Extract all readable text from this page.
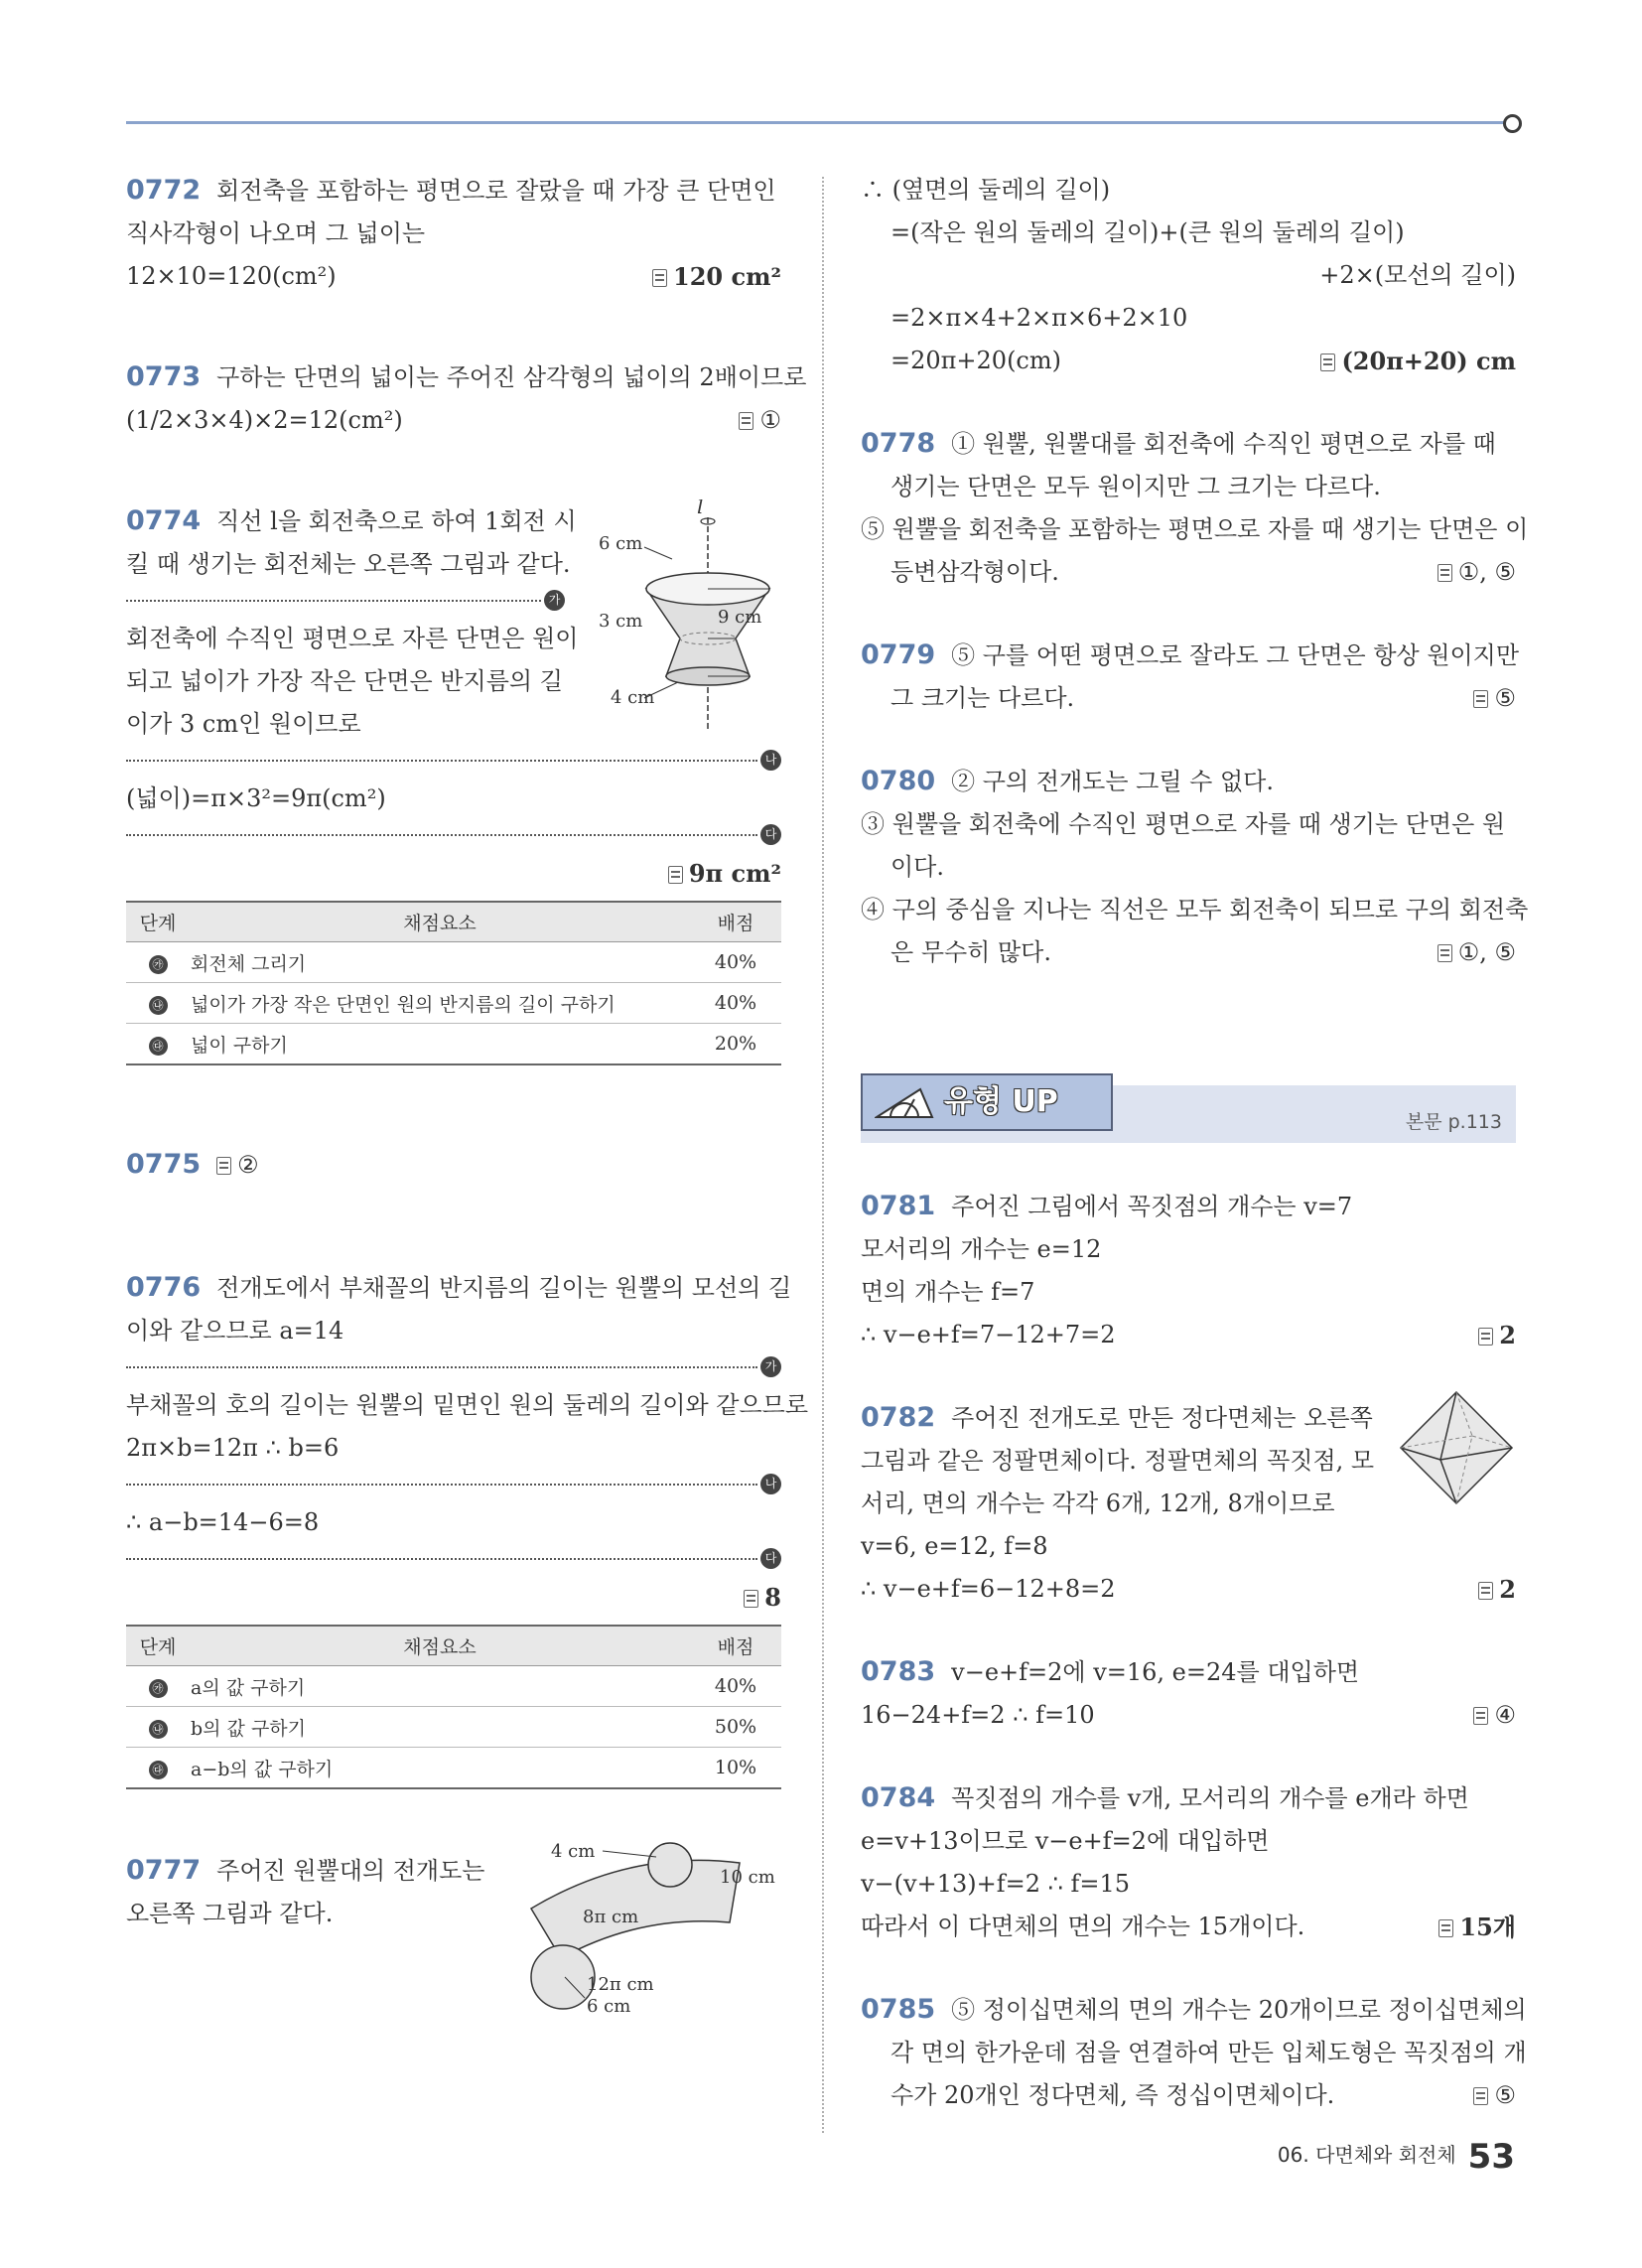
0772 회전축을 포함하는 평면으로 잘랐을 때 가장 큰 단면인
직사각형이 나오며 그 넓이는
12×10=120(cm²)	120 cm²
0773 구하는 단면의 넓이는 주어진 삼각형의 넓이의 2배이므로
(1/2×3×4)×2=12(cm²)	①
0774 직선 l을 회전축으로 하여 1회전 시
킬 때 생기는 회전체는 오른쪽 그림과 같다.
가
회전축에 수직인 평면으로 자른 단면은 원이
되고 넓이가 가장 작은 단면은 반지름의 길
이가 3 cm인 원이므로
나
(넓이)=π×3²=9π(cm²)
다
9π cm²
l
6 cm
3 cm	9 cm
4 cm
단계	채점요소	배점
㉮	회전체 그리기	40%
㉯	넓이가 가장 작은 단면인 원의 반지름의 길이 구하기	40%
㉰	넓이 구하기	20%
0775 ②
0776 전개도에서 부채꼴의 반지름의 길이는 원뿔의 모선의 길
이와 같으므로 a=14
가
부채꼴의 호의 길이는 원뿔의 밑면인 원의 둘레의 길이와 같으므로
2π×b=12π ∴ b=6
나
∴ a−b=14−6=8
다
8
단계	채점요소	배점
㉮	a의 값 구하기	40%
㉯	b의 값 구하기	50%
㉰	a−b의 값 구하기	10%
0777 주어진 원뿔대의 전개도는
오른쪽 그림과 같다.
4 cm
10 cm
8π cm
12π cm
6 cm
∴ (옆면의 둘레의 길이)
=(작은 원의 둘레의 길이)+(큰 원의 둘레의 길이)
+2×(모선의 길이)
=2×π×4+2×π×6+2×10
=20π+20(cm)	(20π+20) cm
0778 ① 원뿔, 원뿔대를 회전축에 수직인 평면으로 자를 때
생기는 단면은 모두 원이지만 그 크기는 다르다.
⑤ 원뿔을 회전축을 포함하는 평면으로 자를 때 생기는 단면은 이
등변삼각형이다.	①, ⑤
0779 ⑤ 구를 어떤 평면으로 잘라도 그 단면은 항상 원이지만
그 크기는 다르다.	⑤
0780 ② 구의 전개도는 그릴 수 없다.
③ 원뿔을 회전축에 수직인 평면으로 자를 때 생기는 단면은 원
이다.
④ 구의 중심을 지나는 직선은 모두 회전축이 되므로 구의 회전축
은 무수히 많다.	①, ⑤
유형 UP
본문 p.113
0781 주어진 그림에서 꼭짓점의 개수는 v=7
모서리의 개수는 e=12
면의 개수는 f=7
∴ v−e+f=7−12+7=2	2
0782 주어진 전개도로 만든 정다면체는 오른쪽
그림과 같은 정팔면체이다. 정팔면체의 꼭짓점, 모
서리, 면의 개수는 각각 6개, 12개, 8개이므로
v=6, e=12, f=8
∴ v−e+f=6−12+8=2	2
0783 v−e+f=2에 v=16, e=24를 대입하면
16−24+f=2 ∴ f=10	④
0784 꼭짓점의 개수를 v개, 모서리의 개수를 e개라 하면
e=v+13이므로 v−e+f=2에 대입하면
v−(v+13)+f=2 ∴ f=15
따라서 이 다면체의 면의 개수는 15개이다.	15개
0785 ⑤ 정이십면체의 면의 개수는 20개이므로 정이십면체의
각 면의 한가운데 점을 연결하여 만든 입체도형은 꼭짓점의 개
수가 20개인 정다면체, 즉 정십이면체이다.	⑤
06. 다면체와 회전체 53
